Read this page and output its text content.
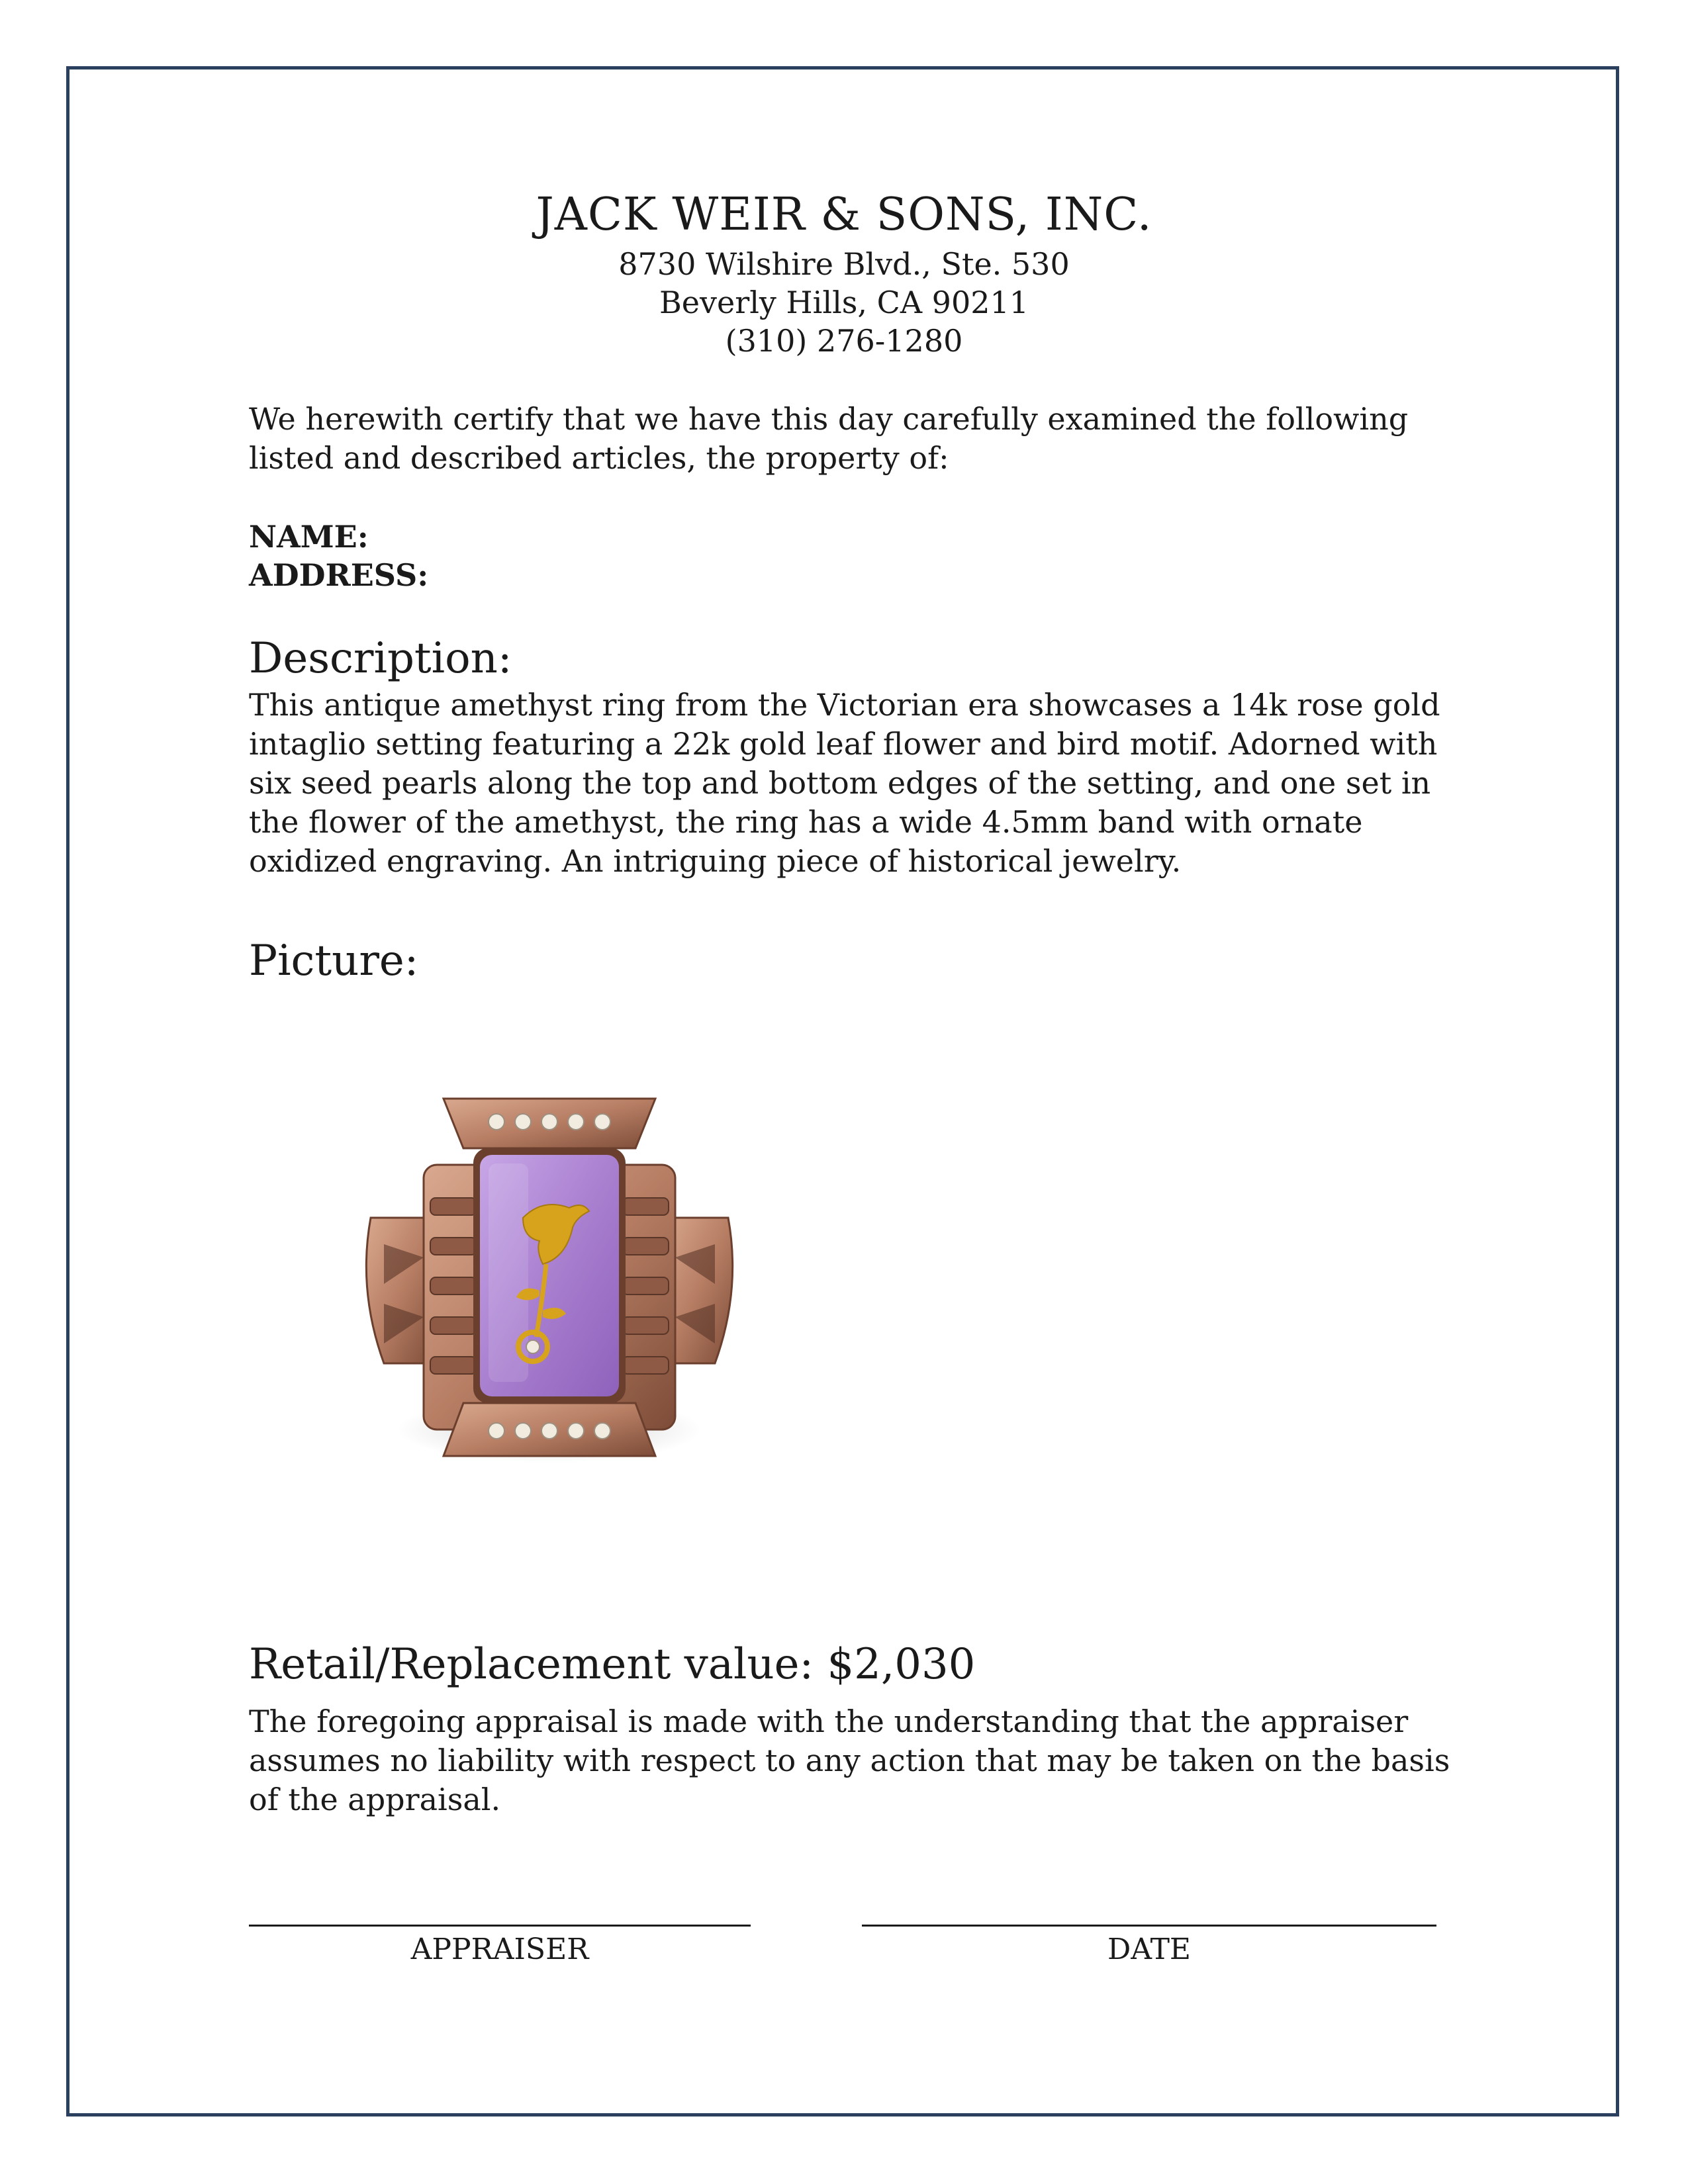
JACK WEIR & SONS, INC.
8730 Wilshire Blvd., Ste. 530
Beverly Hills, CA 90211
(310) 276-1280
We herewith certify that we have this day carefully examined the following listed and described articles, the property of:
NAME:
ADDRESS:
Description:
This antique amethyst ring from the Victorian era showcases a 14k rose gold intaglio setting featuring a 22k gold leaf flower and bird motif. Adorned with six seed pearls along the top and bottom edges of the setting, and one set in the flower of the amethyst, the ring has a wide 4.5mm band with ornate oxidized engraving. An intriguing piece of historical jewelry.
Picture:
Retail/Replacement value: $2,030
The foregoing appraisal is made with the understanding that the appraiser assumes no liability with respect to any action that may be taken on the basis of the appraisal.
APPRAISER	DATE
